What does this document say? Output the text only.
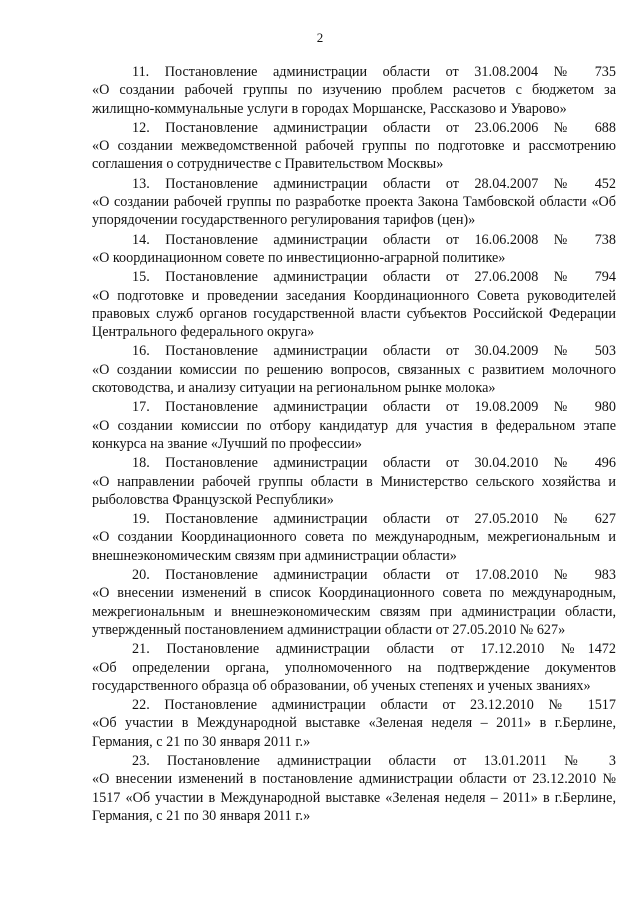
2

11. Постановление администрации области от 31.08.2004 № 735
«О создании рабочей группы по изучению проблем расчетов с бюджетом за жилищно-коммунальные услуги в городах Моршанске, Рассказово и Уварово»

12. Постановление администрации области от 23.06.2006 № 688
«О создании межведомственной рабочей группы по подготовке и рассмотрению соглашения о сотрудничестве с Правительством Москвы»

13. Постановление администрации области от 28.04.2007 № 452
«О создании рабочей группы по разработке проекта Закона Тамбовской области «Об упорядочении государственного регулирования тарифов (цен)»

14. Постановление администрации области от 16.06.2008 № 738
«О координационном совете по инвестиционно-аграрной политике»

15. Постановление администрации области от 27.06.2008 № 794
«О подготовке и проведении заседания Координационного Совета руководителей правовых служб органов государственной власти субъектов Российской Федерации Центрального федерального округа»

16. Постановление администрации области от 30.04.2009 № 503
«О создании комиссии по решению вопросов, связанных с развитием молочного скотоводства, и анализу ситуации на региональном рынке молока»

17. Постановление администрации области от 19.08.2009 № 980
«О создании комиссии по отбору кандидатур для участия в федеральном этапе конкурса на звание «Лучший по профессии»

18. Постановление администрации области от 30.04.2010 № 496
«О направлении рабочей группы области в Министерство сельского хозяйства и рыболовства Французской Республики»

19. Постановление администрации области от 27.05.2010 № 627
«О создании Координационного совета по международным, межрегиональным и внешнеэкономическим связям при администрации области»

20. Постановление администрации области от 17.08.2010 № 983
«О внесении изменений в список Координационного совета по международным, межрегиональным и внешнеэкономическим связям при администрации области, утвержденный постановлением администрации области от 27.05.2010 № 627»

21. Постановление администрации области от 17.12.2010 №1472
«Об определении органа, уполномоченного на подтверждение документов государственного образца об образовании, об ученых степенях и ученых званиях»

22. Постановление администрации области от 23.12.2010 № 1517
«Об участии в Международной выставке «Зеленая неделя – 2011» в г.Берлине, Германия, с 21 по 30 января 2011 г.»

23. Постановление администрации области от 13.01.2011 № 3
«О внесении изменений в постановление администрации области от 23.12.2010 № 1517 «Об участии в Международной выставке «Зеленая неделя – 2011» в г.Берлине, Германия, с 21 по 30 января 2011 г.»
